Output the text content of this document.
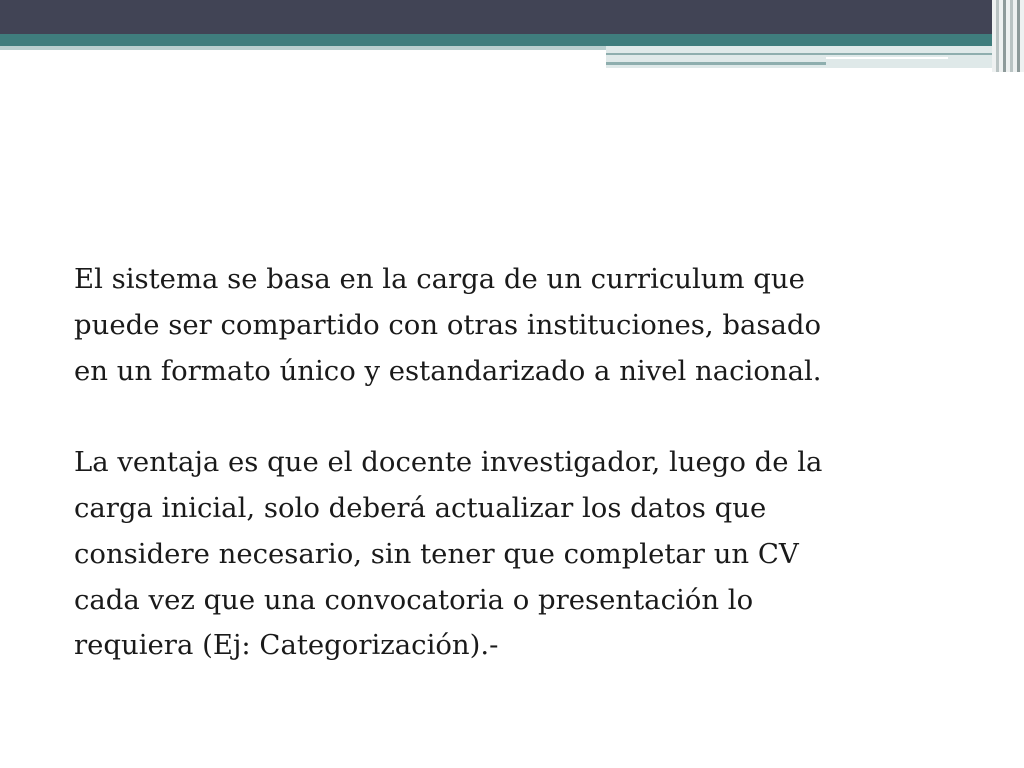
El sistema se basa en la carga de un curriculum que
puede ser compartido con otras instituciones, basado
en un formato único y estandarizado a nivel nacional.

La ventaja es que el docente investigador, luego de la
carga inicial, solo deberá actualizar los datos que
considere necesario, sin tener que completar un CV
cada vez que una convocatoria o presentación lo
requiera (Ej: Categorización).-
